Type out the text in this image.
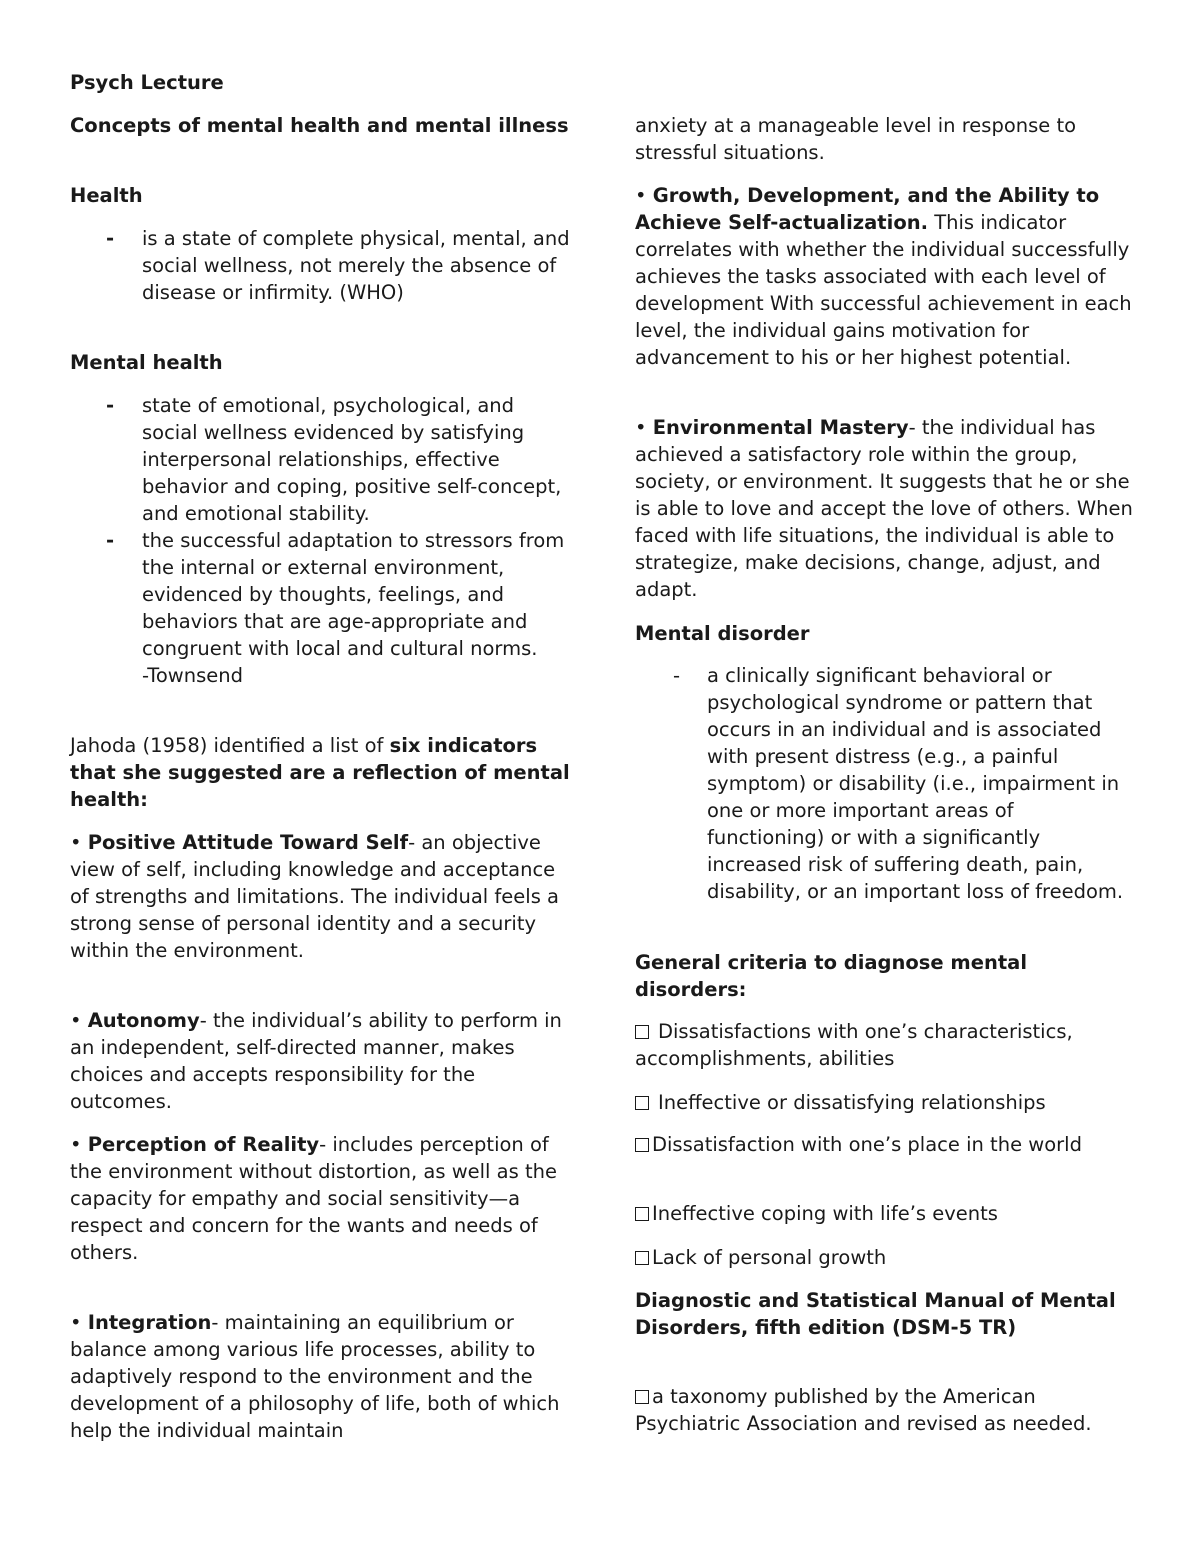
Psych Lecture
Concepts of mental health and mental illness
Health
- is a state of complete physical, mental, and social wellness, not merely the absence of disease or infirmity. (WHO)
Mental health
- state of emotional, psychological, and social wellness evidenced by satisfying interpersonal relationships, effective behavior and coping, positive self-concept, and emotional stability.
- the successful adaptation to stressors from the internal or external environment, evidenced by thoughts, feelings, and behaviors that are age-appropriate and congruent with local and cultural norms.
-Townsend
Jahoda (1958) identified a list of six indicators that she suggested are a reflection of mental health:
• Positive Attitude Toward Self- an objective view of self, including knowledge and acceptance of strengths and limitations. The individual feels a strong sense of personal identity and a security within the environment.
• Autonomy- the individual’s ability to perform in an independent, self-directed manner, makes choices and accepts responsibility for the outcomes.
• Perception of Reality- includes perception of the environment without distortion, as well as the capacity for empathy and social sensitivity—a respect and concern for the wants and needs of others.
• Integration- maintaining an equilibrium or balance among various life processes, ability to adaptively respond to the environment and the development of a philosophy of life, both of which help the individual maintain
anxiety at a manageable level in response to stressful situations.
• Growth, Development, and the Ability to Achieve Self-actualization. This indicator correlates with whether the individual successfully achieves the tasks associated with each level of development With successful achievement in each level, the individual gains motivation for advancement to his or her highest potential.
• Environmental Mastery- the individual has achieved a satisfactory role within the group, society, or environment. It suggests that he or she is able to love and accept the love of others. When faced with life situations, the individual is able to strategize, make decisions, change, adjust, and adapt.
Mental disorder
- a clinically significant behavioral or psychological syndrome or pattern that occurs in an individual and is associated with present distress (e.g., a painful symptom) or disability (i.e., impairment in one or more important areas of functioning) or with a significantly increased risk of suffering death, pain, disability, or an important loss of freedom.
General criteria to diagnose mental disorders:
Dissatisfactions with one’s characteristics, accomplishments, abilities
Ineffective or dissatisfying relationships
Dissatisfaction with one’s place in the world
Ineffective coping with life’s events
Lack of personal growth
Diagnostic and Statistical Manual of Mental Disorders, fifth edition (DSM-5 TR)
a taxonomy published by the American Psychiatric Association and revised as needed.
